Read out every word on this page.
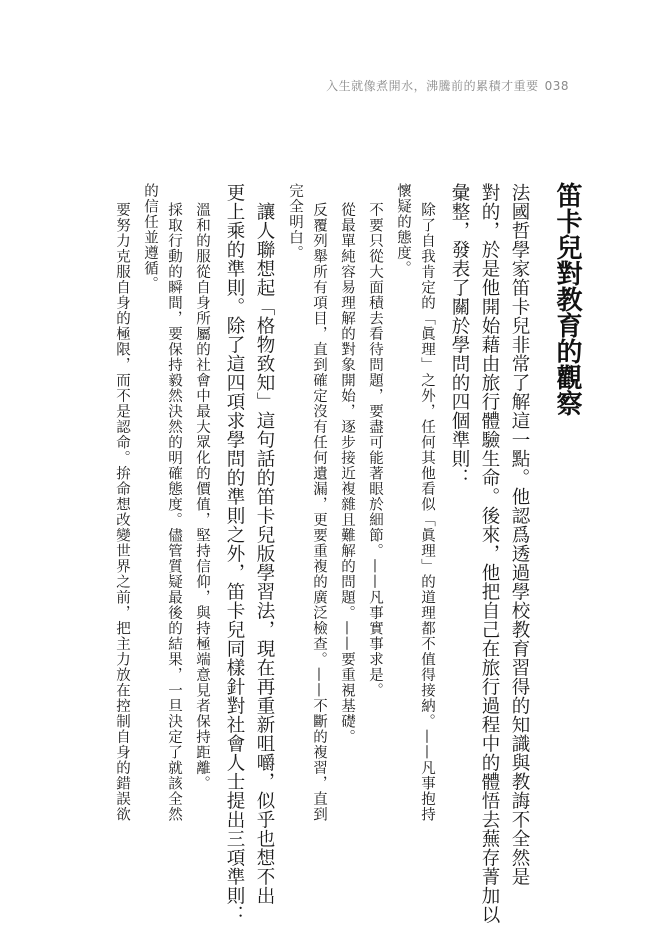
入生就像煮開水，沸騰前的累積才重要 038
笛卡兒對教育的觀察
法國哲學家笛卡兒非常了解這一點。他認爲透過學校教育習得的知識與教誨不全然是
對的，於是他開始藉由旅行體驗生命。後來，他把自己在旅行過程中的體悟去蕪存菁加以
彙整，發表了關於學問的四個準則：
除了自我肯定的「眞理」之外，任何其他看似「眞理」的道理都不值得接納。——凡事抱持
懷疑的態度。
不要只從大面積去看待問題，要盡可能著眼於細節。——凡事實事求是。
從最單純容易理解的對象開始，逐步接近複雜且難解的問題。——要重視基礎。
反覆列舉所有項目，直到確定沒有任何遺漏，更要重複的廣泛檢查。——不斷的複習，直到
完全明白。
讓人聯想起「格物致知」這句話的笛卡兒版學習法，現在再重新咀嚼，似乎也想不出
更上乘的準則。除了這四項求學問的準則之外，笛卡兒同樣針對社會人士提出三項準則：
溫和的服從自身所屬的社會中最大眾化的價值，堅持信仰，與持極端意見者保持距離。
採取行動的瞬間，要保持毅然決然的明確態度。儘管質疑最後的結果，一旦決定了就該全然
的信任並遵循。
要努力克服自身的極限，而不是認命。拚命想改變世界之前，把主力放在控制自身的錯誤欲
